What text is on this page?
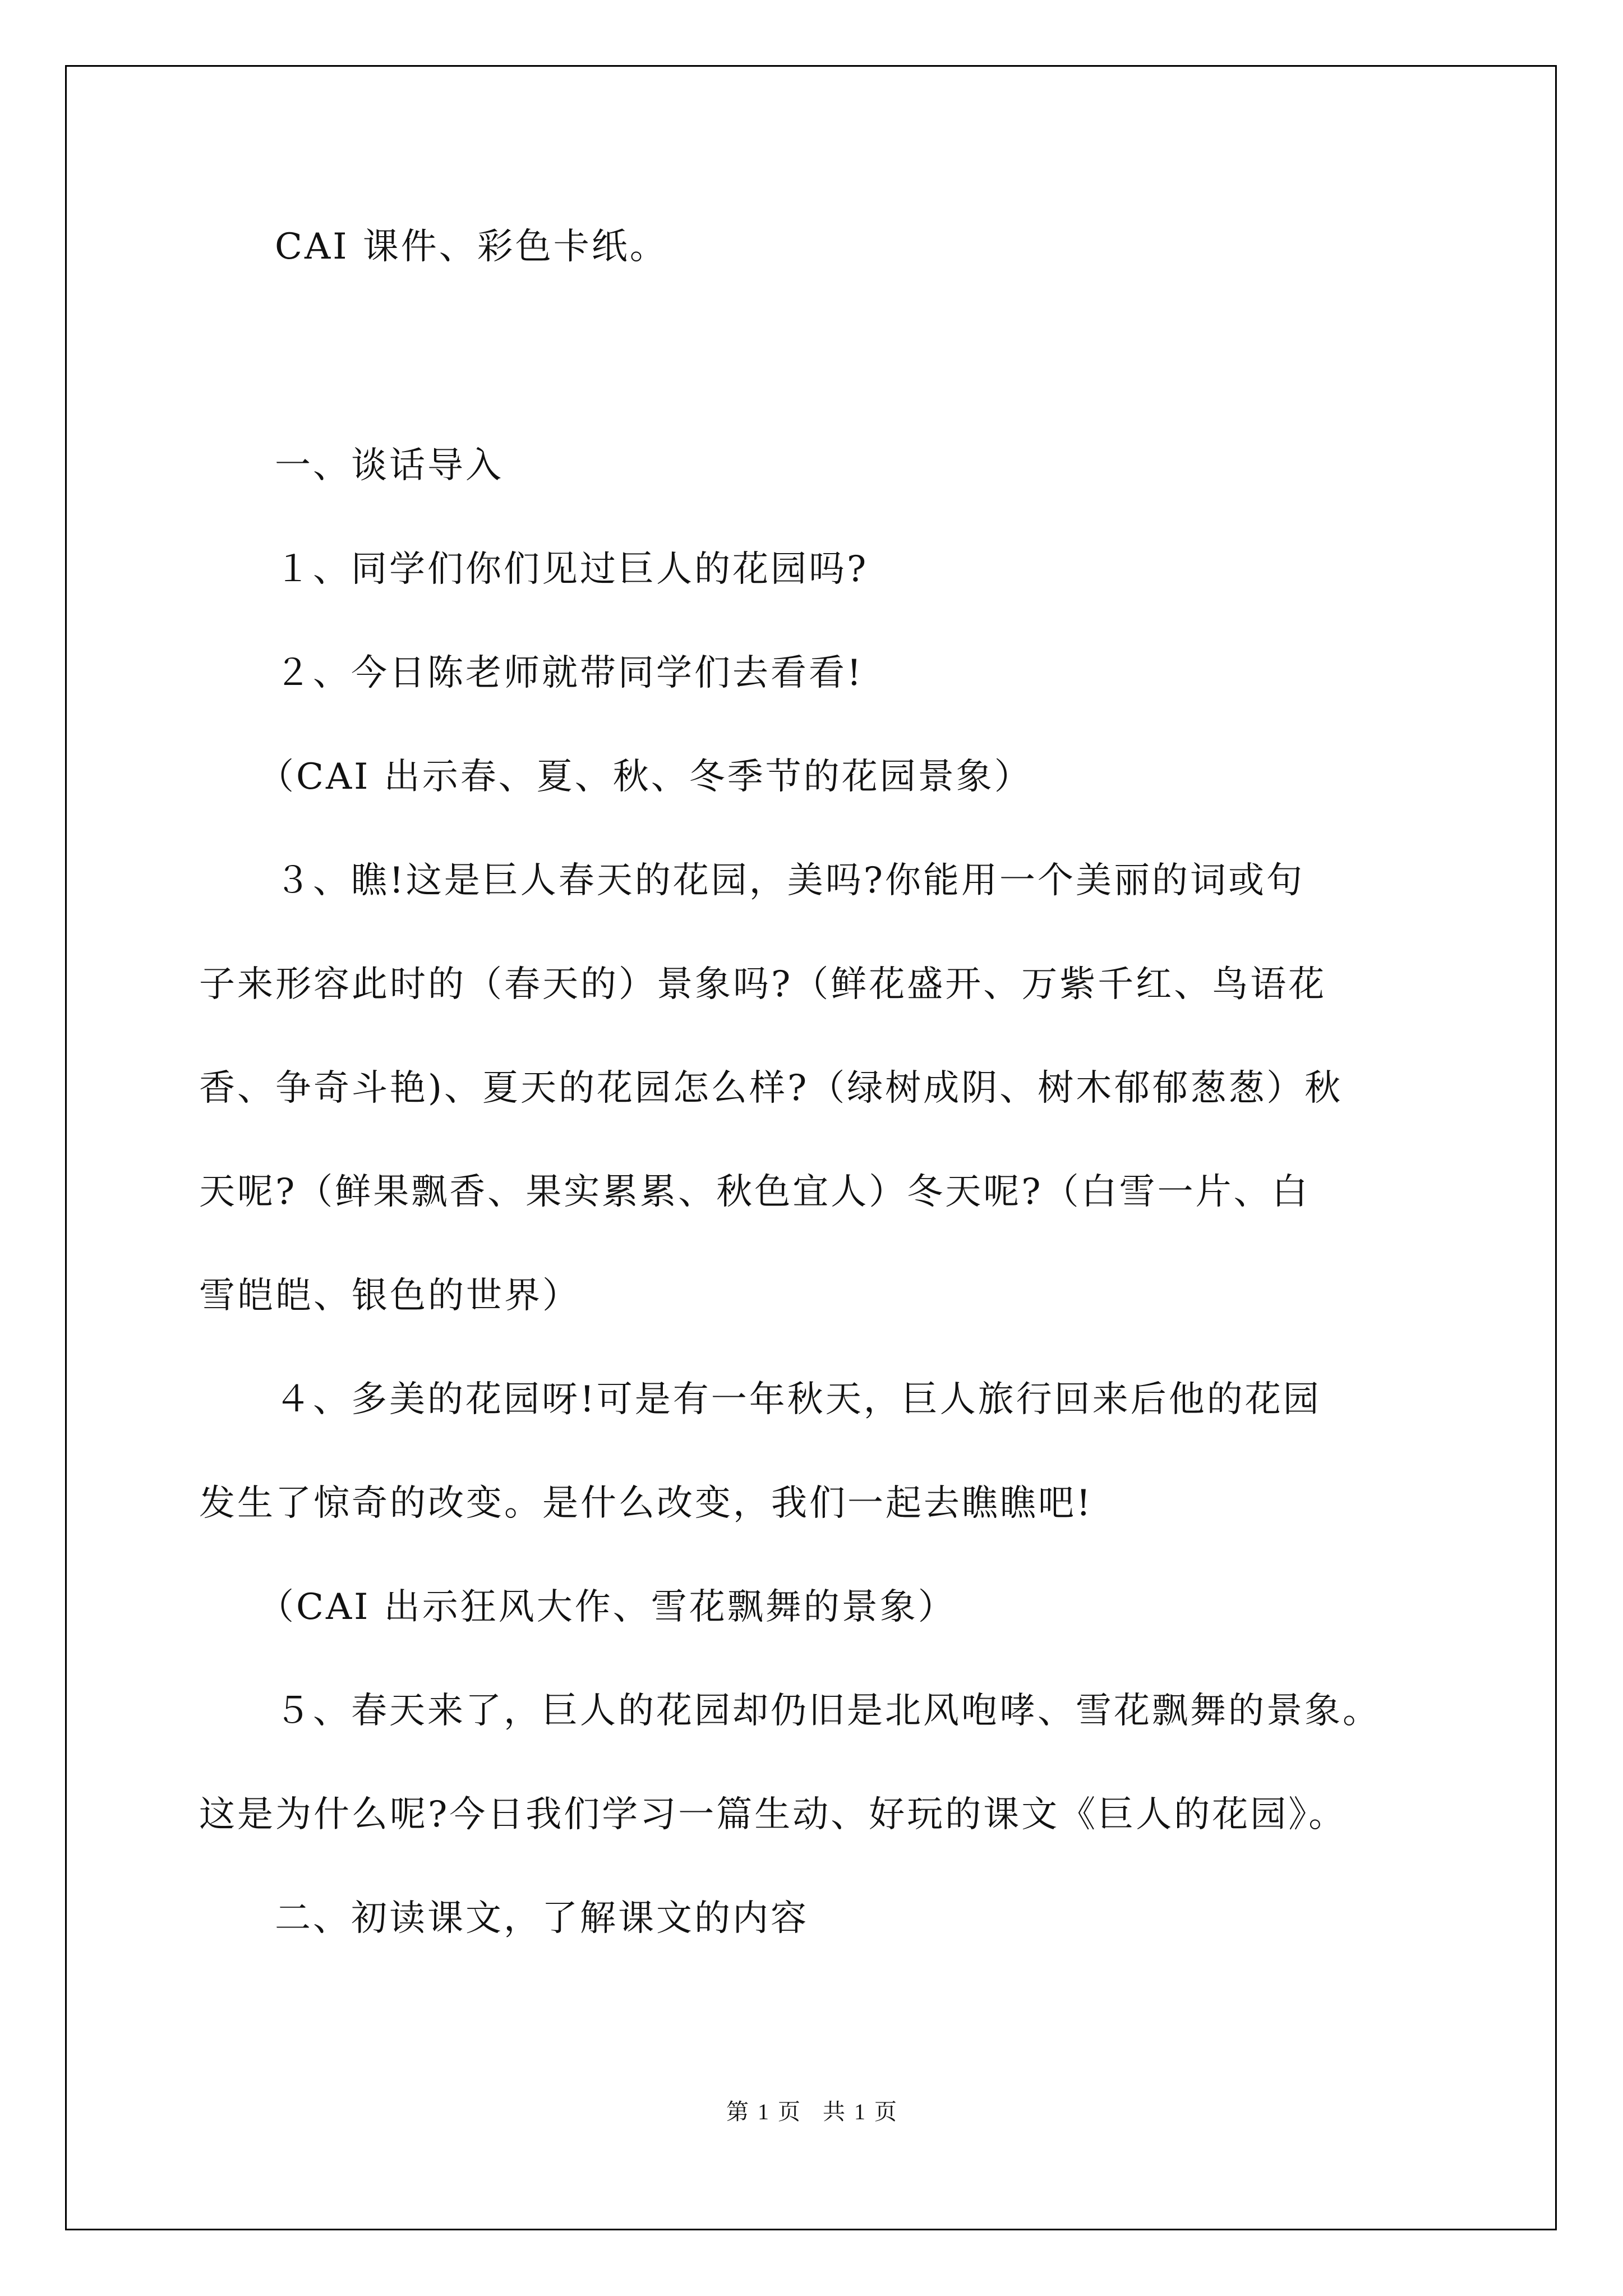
CAI 课件、彩色卡纸。

一、谈话导入

１、同学们你们见过巨人的花园吗?

２、今日陈老师就带同学们去看看!

（CAI 出示春、夏、秋、冬季节的花园景象）

３、瞧!这是巨人春天的花园，美吗?你能用一个美丽的词或句

子来形容此时的（春天的）景象吗?（鲜花盛开、万紫千红、鸟语花

香、争奇斗艳)、夏天的花园怎么样?（绿树成阴、树木郁郁葱葱）秋

天呢?（鲜果飘香、果实累累、秋色宜人）冬天呢?（白雪一片、白

雪皑皑、银色的世界）

４、多美的花园呀!可是有一年秋天，巨人旅行回来后他的花园

发生了惊奇的改变。是什么改变，我们一起去瞧瞧吧!

（CAI 出示狂风大作、雪花飘舞的景象）

５、春天来了，巨人的花园却仍旧是北风咆哮、雪花飘舞的景象。

这是为什么呢?今日我们学习一篇生动、好玩的课文《巨人的花园》。

二、初读课文，了解课文的内容

第 1 页　共 1 页
